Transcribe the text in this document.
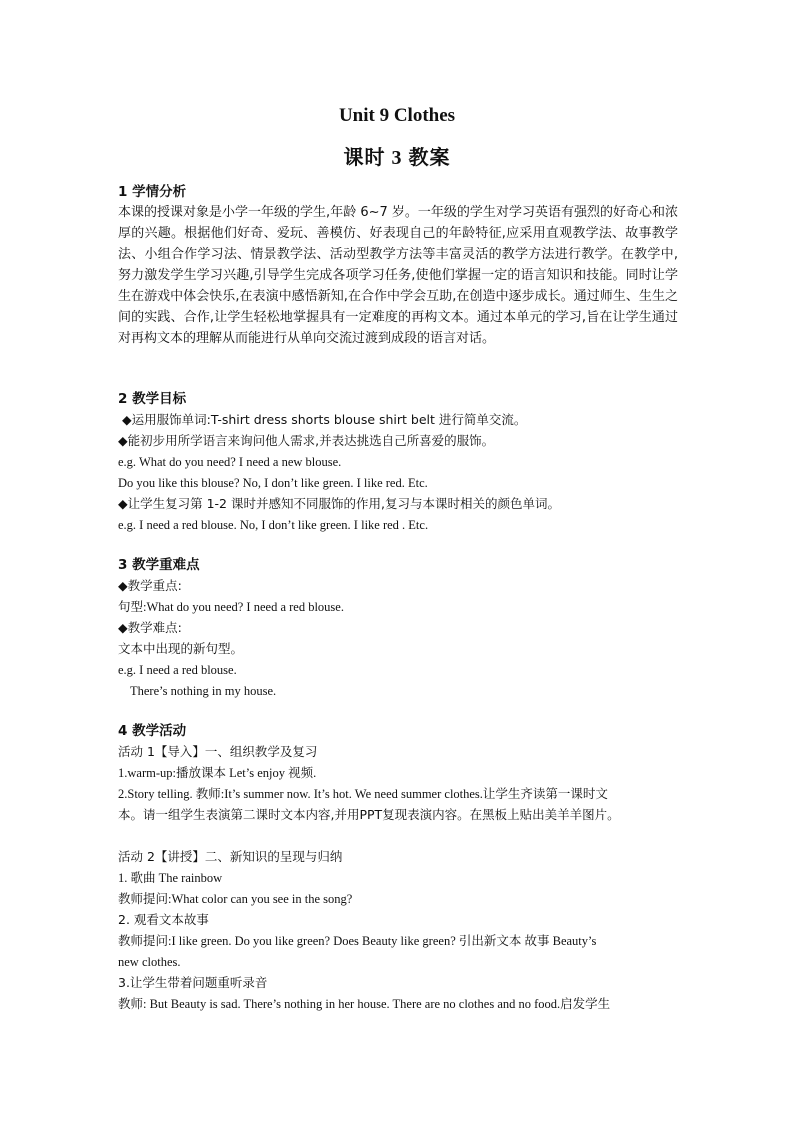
Unit 9 Clothes
课时 3 教案
1 学情分析

本课的授课对象是小学一年级的学生,年龄 6~7 岁。一年级的学生对学习英语有强烈的好奇心和浓厚的兴趣。根据他们好奇、爱玩、善模仿、好表现自己的年龄特征,应采用直观教学法、故事教学法、小组合作学习法、情景教学法、活动型教学方法等丰富灵活的教学方法进行教学。在教学中,努力激发学生学习兴趣,引导学生完成各项学习任务,使他们掌握一定的语言知识和技能。同时让学生在游戏中体会快乐,在表演中感悟新知,在合作中学会互助,在创造中逐步成长。通过师生、生生之间的实践、合作,让学生轻松地掌握具有一定难度的再构文本。通过本单元的学习,旨在让学生通过对再构文本的理解从而能进行从单向交流过渡到成段的语言对话。

2 教学目标

◆运用服饰单词:T-shirt dress shorts blouse shirt belt 进行简单交流。

◆能初步用所学语言来询问他人需求,并表达挑选自己所喜爱的服饰。

e.g. What do you need? I need a new blouse.

Do you like this blouse? No, I don’t like green. I like red. Etc.

◆让学生复习第 1-2 课时并感知不同服饰的作用,复习与本课时相关的颜色单词。

e.g. I need a red blouse. No, I don’t like green. I like red . Etc.

3 教学重难点

◆教学重点:

句型:What do you need? I need a red blouse.

◆教学难点:

文本中出现的新句型。

e.g. I need a red blouse.

There’s nothing in my house.

4 教学活动

活动 1【导入】一、组织教学及复习

1.warm-up:播放课本 Let’s enjoy 视频.

2.Story telling. 教师:It’s summer now. It’s hot. We need summer clothes.让学生齐读第一课时文

本。请一组学生表演第二课时文本内容,并用PPT复现表演内容。在黑板上贴出美羊羊图片。

活动 2【讲授】二、新知识的呈现与归纳

1. 歌曲 The rainbow

教师提问:What color can you see in the song?

2. 观看文本故事

教师提问:I like green. Do you like green? Does Beauty like green? 引出新文本 故事 Beauty’s

new clothes.

3.让学生带着问题重听录音

教师: But Beauty is sad. There’s nothing in her house. There are no clothes and no food.启发学生
